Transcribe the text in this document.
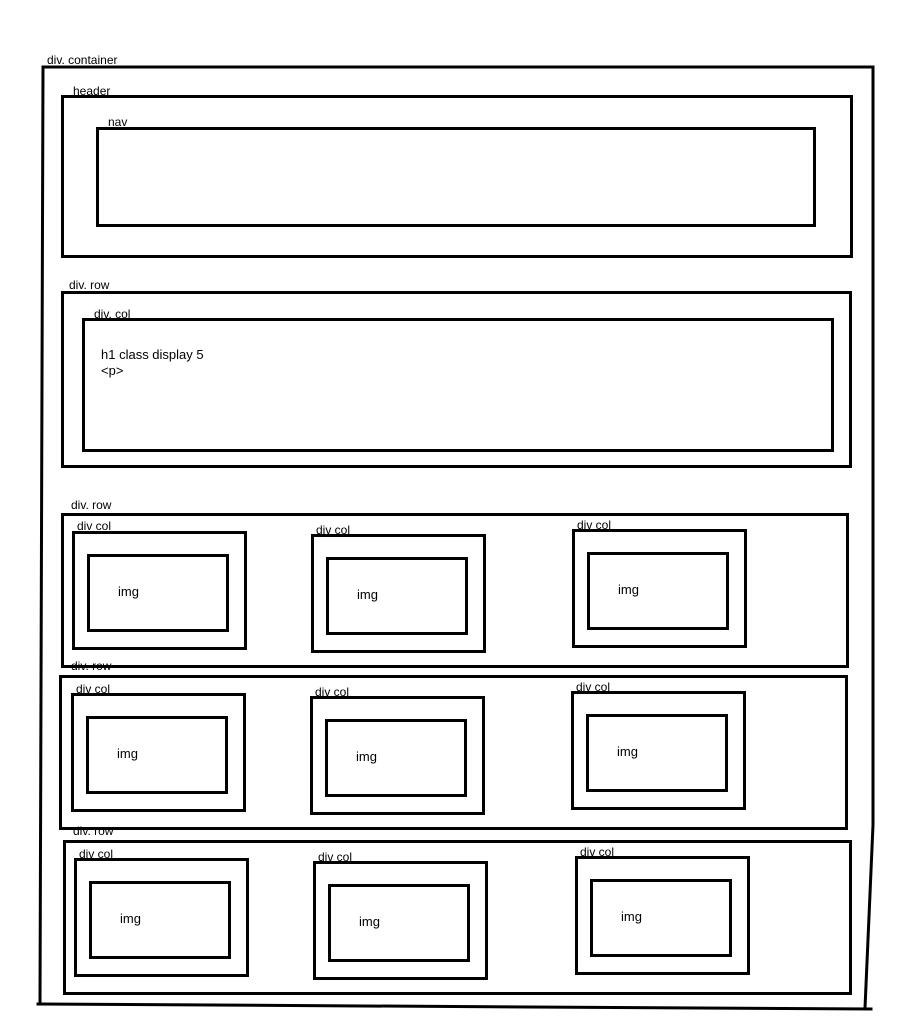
div. container
header
nav
div. row
div. col
h1 class display 5
<p>
div. row
div col
img
div col
img
div col
img
div. row
div col
img
div col
img
div col
img
div. row
div col
img
div col
img
div col
img
